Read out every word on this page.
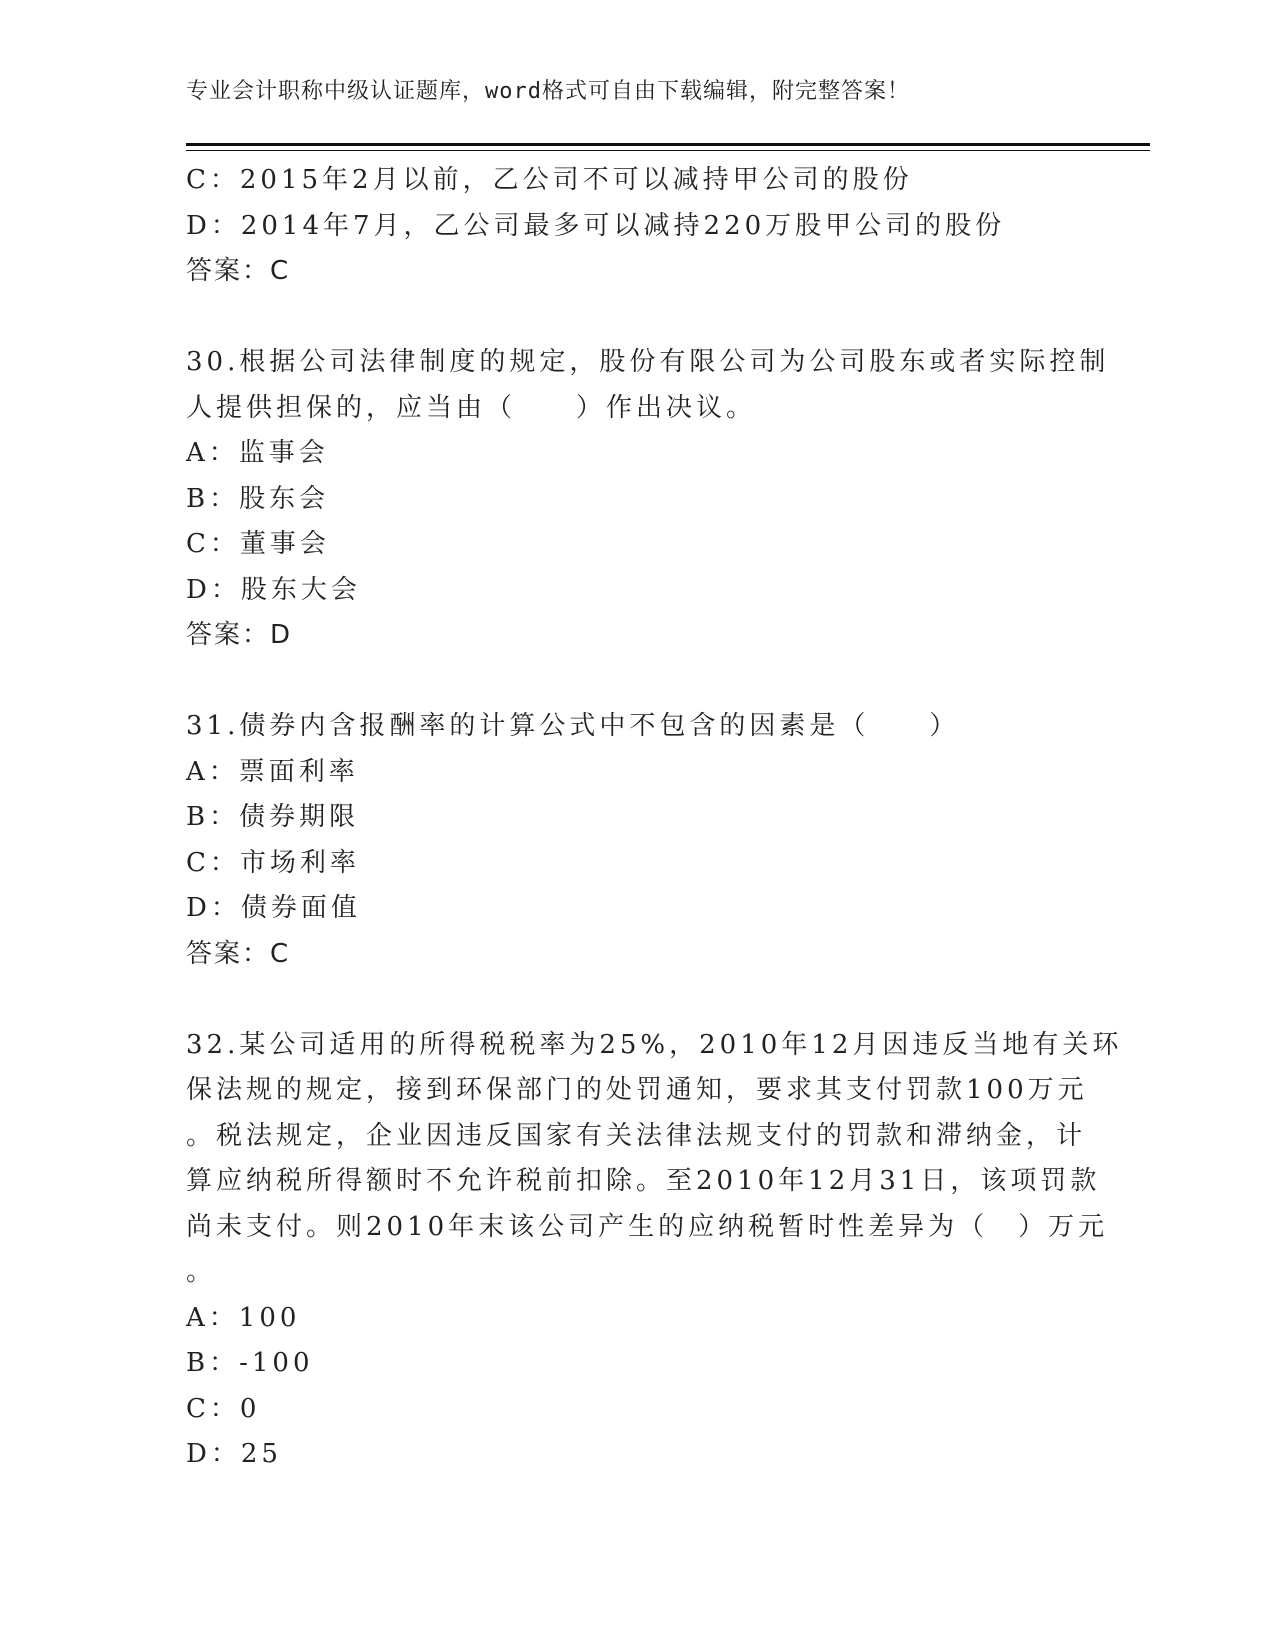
专业会计职称中级认证题库，word格式可自由下载编辑，附完整答案！

C：2015年2月以前，乙公司不可以减持甲公司的股份

D：2014年7月，乙公司最多可以减持220万股甲公司的股份

答案：C

30.根据公司法律制度的规定，股份有限公司为公司股东或者实际控制

人提供担保的，应当由（　　）作出决议。

A：监事会

B：股东会

C：董事会

D：股东大会

答案：D

31.债券内含报酬率的计算公式中不包含的因素是（　　）

A：票面利率

B：债券期限

C：市场利率

D：债券面值

答案：C

32.某公司适用的所得税税率为25%，2010年12月因违反当地有关环

保法规的规定，接到环保部门的处罚通知，要求其支付罚款100万元

。税法规定，企业因违反国家有关法律法规支付的罚款和滞纳金，计

算应纳税所得额时不允许税前扣除。至2010年12月31日，该项罚款

尚未支付。则2010年末该公司产生的应纳税暂时性差异为（　）万元

。

A：100

B：-100

C：0

D：25
